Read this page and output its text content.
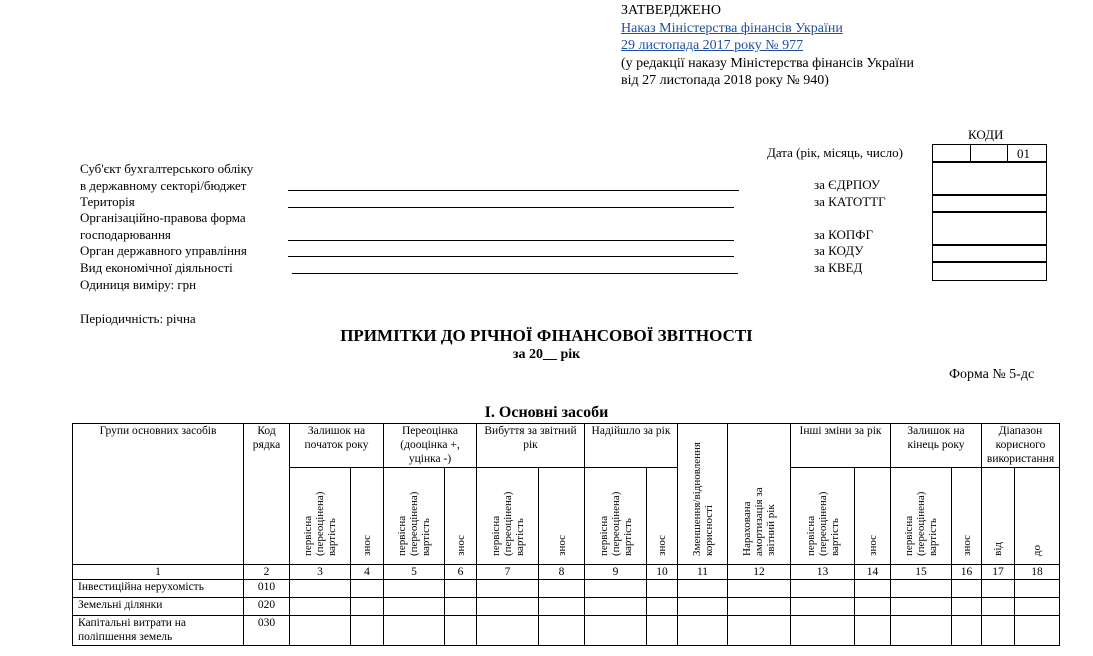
ЗАТВЕРДЖЕНО
Наказ Міністерства фінансів України
29 листопада 2017 року № 977
(у редакції наказу Міністерства фінансів України
від 27 листопада 2018 року № 940)
КОДИ
Дата (рік, місяць, число)	01
за ЄДРПОУ
за КАТОТТГ
за КОПФГ
за КОДУ
за КВЕД
Суб'єкт бухгалтерського обліку
в державному секторі/бюджет
Територія
Організаційно-правова форма
господарювання
Орган державного управління
Вид економічної діяльності
Одиниця виміру: грн
Періодичність: річна
ПРИМІТКИ ДО РІЧНОЇ ФІНАНСОВОЇ ЗВІТНОСТІ
за 20__ рік
Форма № 5-дс
І. Основні засоби
Групи основних засобів	Код рядка	Залишок на початок року		Переоцінка (дооцінка +, уцінка -)		Вибуття за звітний рік		Надійшло за рік		Зменшення/відновлення корисності	Нарахована амортизація за звітний рік	Інші зміни за рік		Залишок на кінець року		Діапазон корисного використання	
		первісна (переоцінена) вартість	знос	первісна (переоцінена) вартість	знос	первісна (переоцінена) вартість	знос	первісна (переоцінена) вартість	знос			первісна (переоцінена) вартість	знос	первісна (переоцінена) вартість	знос	від	до
1	2	3	4	5	6	7	8	9	10	11	12	13	14	15	16	17	18
Інвестиційна нерухомість	010																
Земельні ділянки	020																
Капітальні витрати на поліпшення земель	030																
